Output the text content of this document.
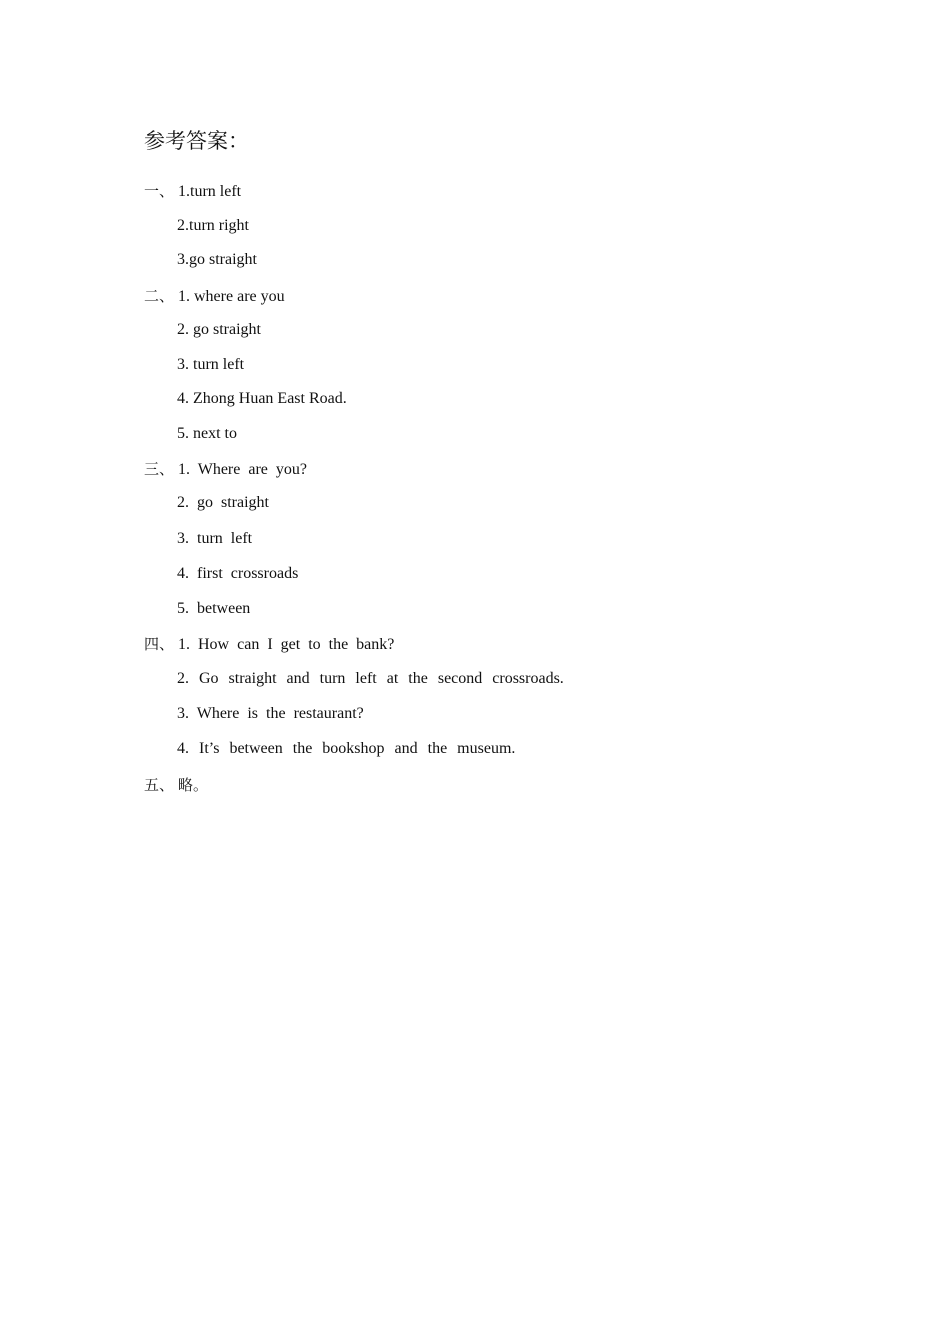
参考答案：
一、 1.turn left
2.turn right
3.go straight
二、 1. where are you
2. go straight
3. turn left
4. Zhong Huan East Road.
5. next to
三、 1. Where are you?
2. go straight
3. turn left
4. first crossroads
5. between
四、 1. How can I get to the bank?
2. Go straight and turn left at the second crossroads.
3. Where is the restaurant?
4. It’s between the bookshop and the museum.
五、 略。
